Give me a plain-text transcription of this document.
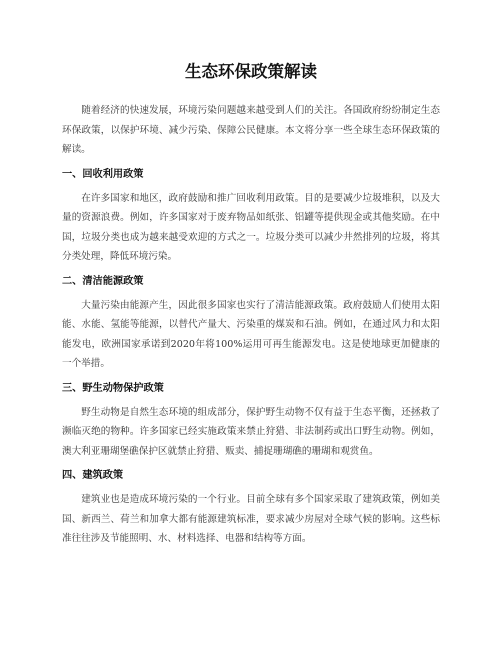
生态环保政策解读

随着经济的快速发展，环境污染问题越来越受到人们的关注。各国政府纷纷制定生态环保政策，以保护环境、减少污染、保障公民健康。本文将分享一些全球生态环保政策的解读。

一、回收利用政策

在许多国家和地区，政府鼓励和推广回收利用政策。目的是要减少垃圾堆积，以及大量的资源浪费。例如，许多国家对于废弃物品如纸张、铝罐等提供现金或其他奖励。在中国，垃圾分类也成为越来越受欢迎的方式之一。垃圾分类可以减少井然排列的垃圾，将其分类处理，降低环境污染。

二、清洁能源政策

大量污染由能源产生，因此很多国家也实行了清洁能源政策。政府鼓励人们使用太阳能、水能、氢能等能源，以替代产量大、污染重的煤炭和石油。例如，在通过风力和太阳能发电，欧洲国家承诺到2020年将100%运用可再生能源发电。这是使地球更加健康的一个举措。

三、野生动物保护政策

野生动物是自然生态环境的组成部分，保护野生动物不仅有益于生态平衡，还拯救了濒临灭绝的物种。许多国家已经实施政策来禁止狩猎、非法制药或出口野生动物。例如，澳大利亚珊瑚堡礁保护区就禁止狩猎、贩卖、捕捉珊瑚礁的珊瑚和观赏鱼。

四、建筑政策

建筑业也是造成环境污染的一个行业。目前全球有多个国家采取了建筑政策，例如美国、新西兰、荷兰和加拿大都有能源建筑标准，要求减少房屋对全球气候的影响。这些标准往往涉及节能照明、水、材料选择、电器和结构等方面。
